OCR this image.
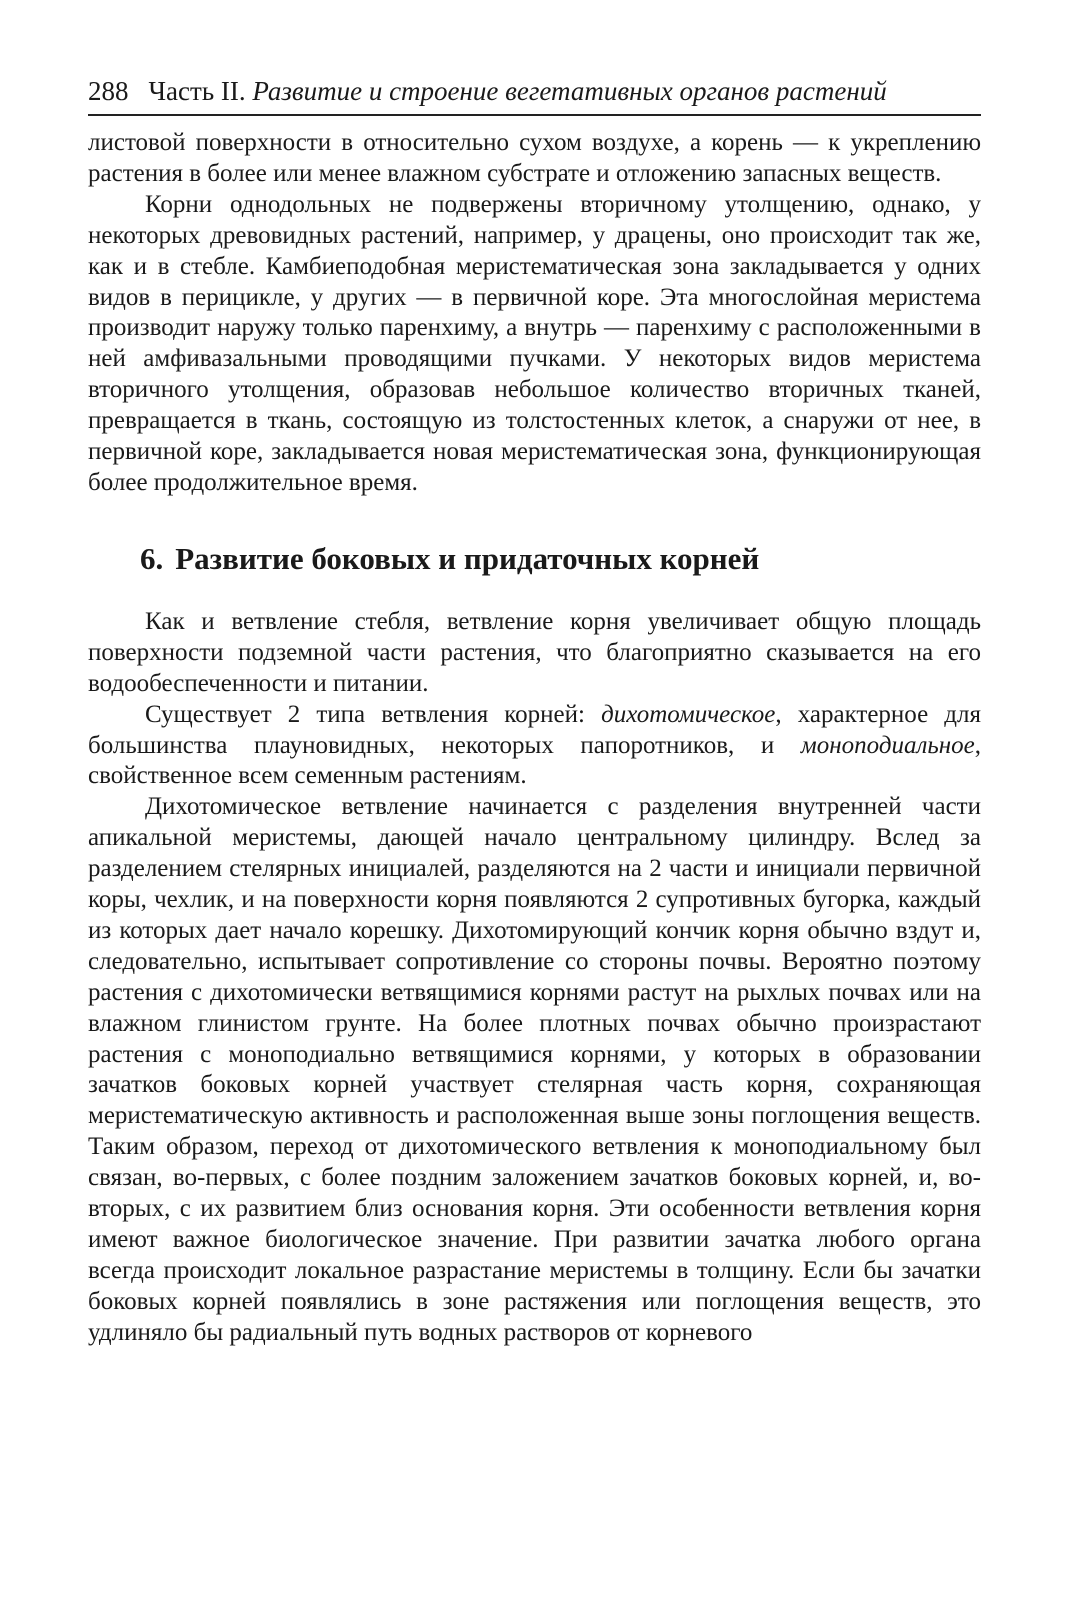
288 Часть II. Развитие и строение вегетативных органов растений

листовой поверхности в относительно сухом воздухе, а корень — к укреплению растения в более или менее влажном субстрате и отложению запасных веществ.

Корни однодольных не подвержены вторичному утолщению, однако, у некоторых древовидных растений, например, у драцены, оно происходит так же, как и в стебле. Камбиеподобная меристематическая зона закладывается у одних видов в перицикле, у других — в первичной коре. Эта многослойная меристема производит наружу только паренхиму, а внутрь — паренхиму с расположенными в ней амфивазальными проводящими пучками. У некоторых видов меристема вторичного утолщения, образовав небольшое количество вторичных тканей, превращается в ткань, состоящую из толстостенных клеток, а снаружи от нее, в первичной коре, закладывается новая меристематическая зона, функционирующая более продолжительное время.

6. Развитие боковых и придаточных корней

Как и ветвление стебля, ветвление корня увеличивает общую площадь поверхности подземной части растения, что благоприятно сказывается на его водообеспеченности и питании.

Существует 2 типа ветвления корней: дихотомическое, характерное для большинства плауновидных, некоторых папоротников, и моноподиальное, свойственное всем семенным растениям.

Дихотомическое ветвление начинается с разделения внутренней части апикальной меристемы, дающей начало центральному цилиндру. Вслед за разделением стелярных инициалей, разделяются на 2 части и инициали первичной коры, чехлик, и на поверхности корня появляются 2 супротивных бугорка, каждый из которых дает начало корешку. Дихотомирующий кончик корня обычно вздут и, следовательно, испытывает сопротивление со стороны почвы. Вероятно поэтому растения с дихотомически ветвящимися корнями растут на рыхлых почвах или на влажном глинистом грунте. На более плотных почвах обычно произрастают растения с моноподиально ветвящимися корнями, у которых в образовании зачатков боковых корней участвует стелярная часть корня, сохраняющая меристематическую активность и расположенная выше зоны поглощения веществ. Таким образом, переход от дихотомического ветвления к моноподиальному был связан, во-первых, с более поздним заложением зачатков боковых корней, и, во-вторых, с их развитием близ основания корня. Эти особенности ветвления корня имеют важное биологическое значение. При развитии зачатка любого органа всегда происходит локальное разрастание меристемы в толщину. Если бы зачатки боковых корней появлялись в зоне растяжения или поглощения веществ, это удлиняло бы радиальный путь водных растворов от корневого
